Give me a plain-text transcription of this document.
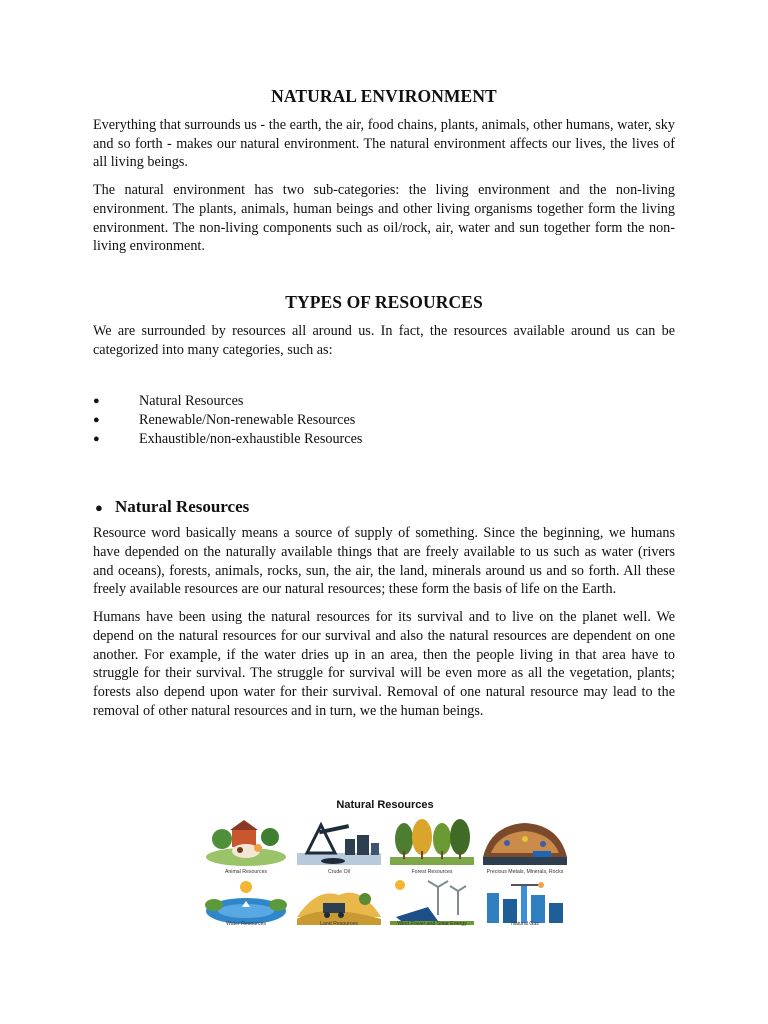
NATURAL ENVIRONMENT

Everything that surrounds us - the earth, the air, food chains, plants, animals, other humans, water, sky and so forth - makes our natural environment. The natural environment affects our lives, the lives of all living beings.

The natural environment has two sub-categories: the living environment and the non-living environment. The plants, animals, human beings and other living organisms together form the living environment. The non-living components such as oil/rock, air, water and sun together form the non-living environment.

TYPES OF RESOURCES

We are surrounded by resources all around us. In fact, the resources available around us can be categorized into many categories, such as:

●	Natural Resources
●	Renewable/Non-renewable Resources
●	Exhaustible/non-exhaustible Resources
● Natural Resources

Resource word basically means a source of supply of something. Since the beginning, we humans have depended on the naturally available things that are freely available to us such as water (rivers and oceans), forests, animals, rocks, sun, the air, the land, minerals around us and so forth. All these freely available resources are our natural resources; these form the basis of life on the Earth.

Humans have been using the natural resources for its survival and to live on the planet well. We depend on the natural resources for our survival and also the natural resources are dependent on one another. For example, if the water dries up in an area, then the people living in that area have to struggle for their survival. The struggle for survival will be even more as all the vegetation, plants; forests also depend upon water for their survival. Removal of one natural resource may lead to the removal of other natural resources and in turn, we the human beings.

Natural Resources
Animal Resources	Crude Oil	Forest Resources	Precious Metals, Minerals, Rocks
Water Resources	Land Resources	Wind Power and Solar Energy	Natural Gas
